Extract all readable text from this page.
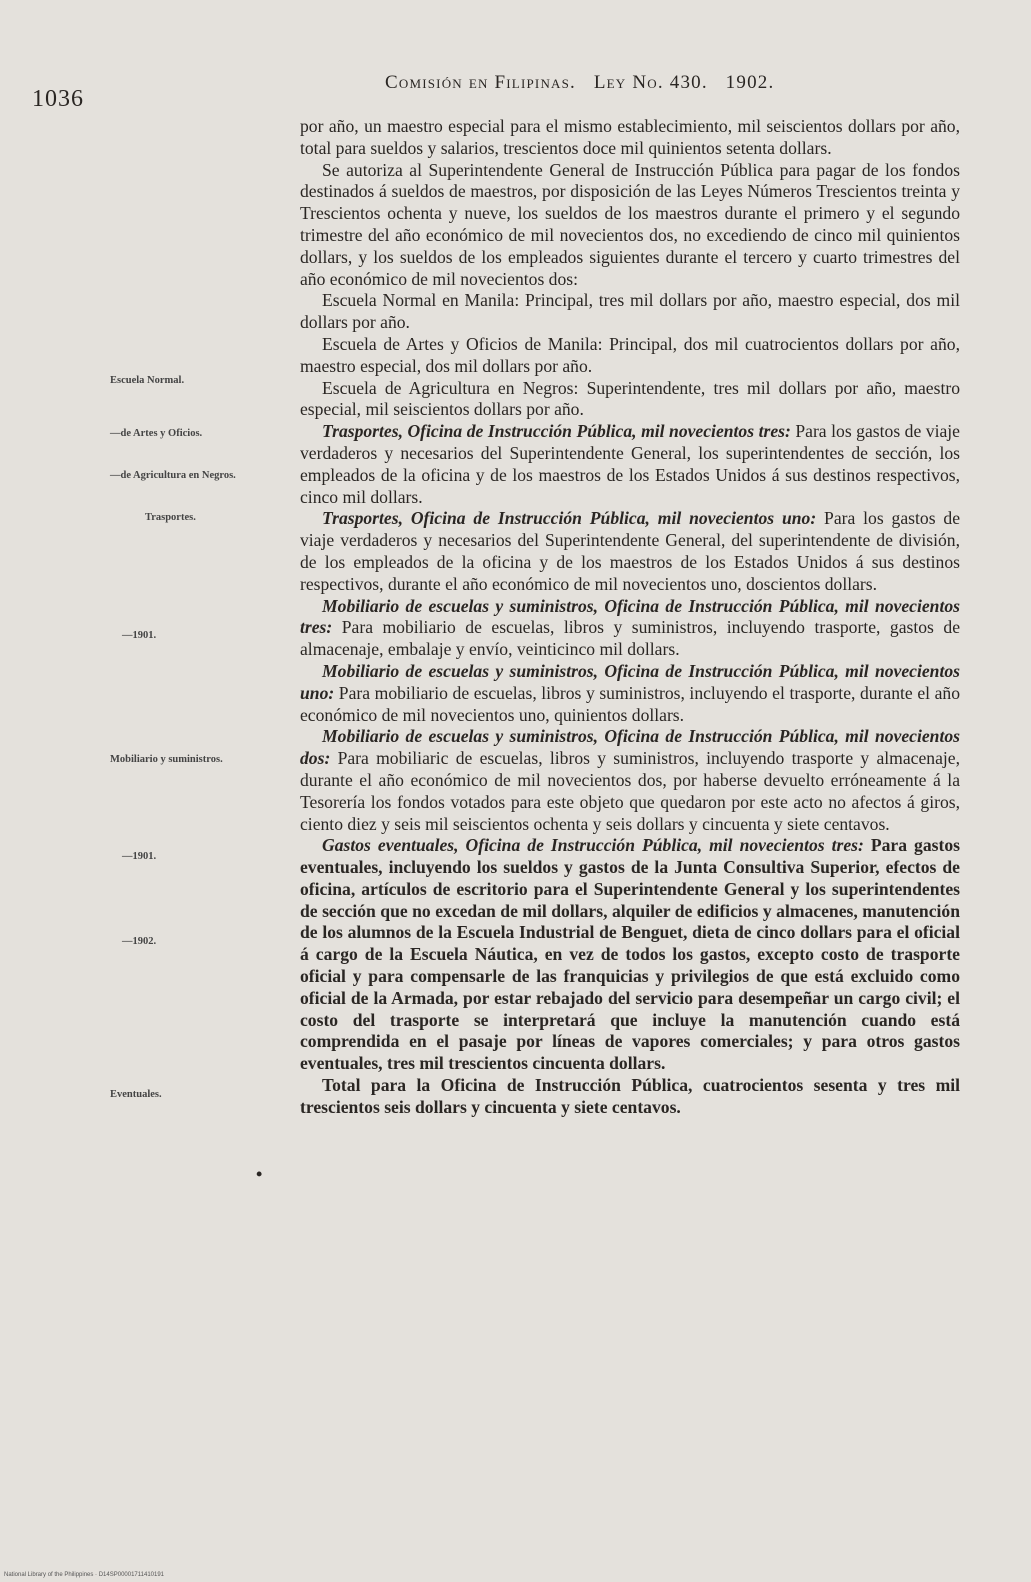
1036
Comisión en Filipinas. Ley No. 430. 1902.
Escuela Normal.
—de Artes y Oficios.
—de Agricultura en Negros.
Trasportes.
—1901.
Mobiliario y suministros.
—1901.
—1902.
Eventuales.
•

por año, un maestro especial para el mismo establecimiento, mil seiscientos dollars por año, total para sueldos y salarios, trescientos doce mil quinientos setenta dollars.

Se autoriza al Superintendente General de Instrucción Pública para pagar de los fondos destinados á sueldos de maestros, por disposición de las Leyes Números Trescientos treinta y Trescientos ochenta y nueve, los sueldos de los maestros durante el primero y el segundo trimestre del año económico de mil novecientos dos, no excediendo de cinco mil quinientos dollars, y los sueldos de los empleados siguientes durante el tercero y cuarto trimestres del año económico de mil novecientos dos:

Escuela Normal en Manila: Principal, tres mil dollars por año, maestro especial, dos mil dollars por año.

Escuela de Artes y Oficios de Manila: Principal, dos mil cuatrocientos dollars por año, maestro especial, dos mil dollars por año.

Escuela de Agricultura en Negros: Superintendente, tres mil dollars por año, maestro especial, mil seiscientos dollars por año.

Trasportes, Oficina de Instrucción Pública, mil novecientos tres: Para los gastos de viaje verdaderos y necesarios del Superintendente General, los superintendentes de sección, los empleados de la oficina y de los maestros de los Estados Unidos á sus destinos respectivos, cinco mil dollars.

Trasportes, Oficina de Instrucción Pública, mil novecientos uno: Para los gastos de viaje verdaderos y necesarios del Superintendente General, del superintendente de división, de los empleados de la oficina y de los maestros de los Estados Unidos á sus destinos respectivos, durante el año económico de mil novecientos uno, doscientos dollars.

Mobiliario de escuelas y suministros, Oficina de Instrucción Pública, mil novecientos tres: Para mobiliario de escuelas, libros y suministros, incluyendo trasporte, gastos de almacenaje, embalaje y envío, veinticinco mil dollars.

Mobiliario de escuelas y suministros, Oficina de Instrucción Pública, mil novecientos uno: Para mobiliario de escuelas, libros y suministros, incluyendo el trasporte, durante el año económico de mil novecientos uno, quinientos dollars.

Mobiliario de escuelas y suministros, Oficina de Instrucción Pública, mil novecientos dos: Para mobiliaric de escuelas, libros y suministros, incluyendo trasporte y almacenaje, durante el año económico de mil novecientos dos, por haberse devuelto erróneamente á la Tesorería los fondos votados para este objeto que quedaron por este acto no afectos á giros, ciento diez y seis mil seiscientos ochenta y seis dollars y cincuenta y siete centavos.

Gastos eventuales, Oficina de Instrucción Pública, mil novecientos tres: Para gastos eventuales, incluyendo los sueldos y gastos de la Junta Consultiva Superior, efectos de oficina, artículos de escritorio para el Superintendente General y los superintendentes de sección que no excedan de mil dollars, alquiler de edificios y almacenes, manutención de los alumnos de la Escuela Industrial de Benguet, dieta de cinco dollars para el oficial á cargo de la Escuela Náutica, en vez de todos los gastos, excepto costo de trasporte oficial y para compensarle de las franquicias y privilegios de que está excluido como oficial de la Armada, por estar rebajado del servicio para desempeñar un cargo civil; el costo del trasporte se interpretará que incluye la manutención cuando está comprendida en el pasaje por líneas de vapores comerciales; y para otros gastos eventuales, tres mil trescientos cincuenta dollars.

Total para la Oficina de Instrucción Pública, cuatrocientos sesenta y tres mil trescientos seis dollars y cincuenta y siete centavos.

National Library of the Philippines · D14SP00001711410191
